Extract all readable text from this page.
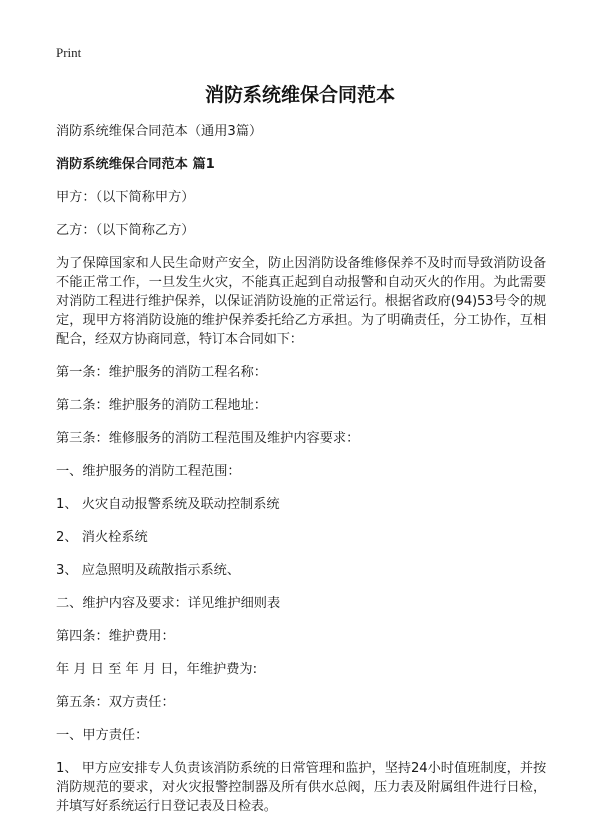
Print
消防系统维保合同范本

消防系统维保合同范本（通用3篇）

消防系统维保合同范本 篇1

甲方：（以下简称甲方）

乙方：（以下简称乙方）

为了保障国家和人民生命财产安全，防止因消防设备维修保养不及时而导致消防设备不能正常工作，一旦发生火灾，不能真正起到自动报警和自动灭火的作用。为此需要对消防工程进行维护保养，以保证消防设施的正常运行。根据省政府(94)53号令的规定，现甲方将消防设施的维护保养委托给乙方承担。为了明确责任，分工协作，互相配合，经双方协商同意，特订本合同如下：

第一条：维护服务的消防工程名称：

第二条：维护服务的消防工程地址：

第三条：维修服务的消防工程范围及维护内容要求：

一、维护服务的消防工程范围：

1、 火灾自动报警系统及联动控制系统

2、 消火栓系统

3、 应急照明及疏散指示系统、

二、维护内容及要求：详见维护细则表

第四条：维护费用：

年 月 日 至 年 月 日，年维护费为:

第五条：双方责任：

一、甲方责任：

1、 甲方应安排专人负责该消防系统的日常管理和监护，坚持24小时值班制度，并按消防规范的要求，对火灾报警控制器及所有供水总阀，压力表及附属组件进行日检，并填写好系统运行日登记表及日检表。
